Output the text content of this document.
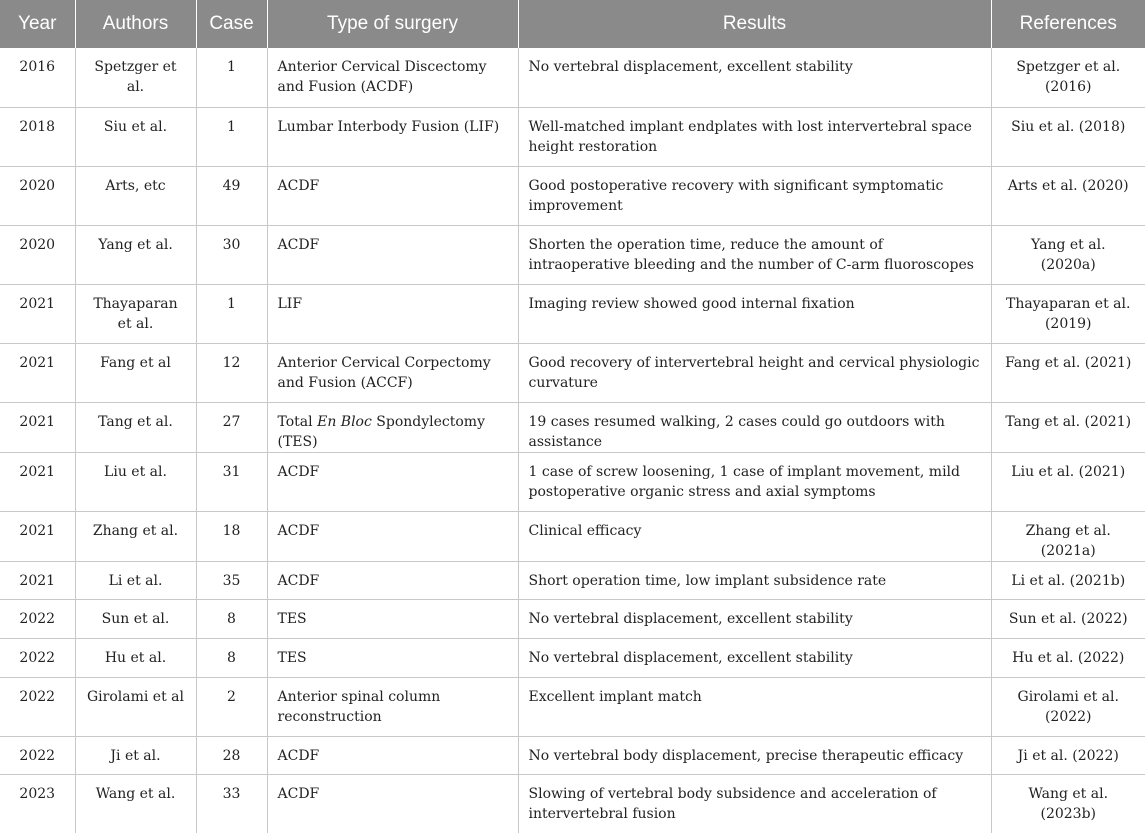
Year	Authors	Case	Type of surgery	Results	References
2016	Spetzger et al.	1	Anterior Cervical Discectomy and Fusion (ACDF)	No vertebral displacement, excellent stability	Spetzger et al. (2016)
2018	Siu et al.	1	Lumbar Interbody Fusion (LIF)	Well-matched implant endplates with lost intervertebral space height restoration	Siu et al. (2018)
2020	Arts, etc	49	ACDF	Good postoperative recovery with significant symptomatic improvement	Arts et al. (2020)
2020	Yang et al.	30	ACDF	Shorten the operation time, reduce the amount of intraoperative bleeding and the number of C-arm fluoroscopes	Yang et al. (2020a)
2021	Thayaparan et al.	1	LIF	Imaging review showed good internal fixation	Thayaparan et al. (2019)
2021	Fang et al	12	Anterior Cervical Corpectomy and Fusion (ACCF)	Good recovery of intervertebral height and cervical physiologic curvature	Fang et al. (2021)
2021	Tang et al.	27	Total En Bloc Spondylectomy (TES)	19 cases resumed walking, 2 cases could go outdoors with assistance	Tang et al. (2021)
2021	Liu et al.	31	ACDF	1 case of screw loosening, 1 case of implant movement, mild postoperative organic stress and axial symptoms	Liu et al. (2021)
2021	Zhang et al.	18	ACDF	Clinical efficacy	Zhang et al. (2021a)
2021	Li et al.	35	ACDF	Short operation time, low implant subsidence rate	Li et al. (2021b)
2022	Sun et al.	8	TES	No vertebral displacement, excellent stability	Sun et al. (2022)
2022	Hu et al.	8	TES	No vertebral displacement, excellent stability	Hu et al. (2022)
2022	Girolami et al	2	Anterior spinal column reconstruction	Excellent implant match	Girolami et al. (2022)
2022	Ji et al.	28	ACDF	No vertebral body displacement, precise therapeutic efficacy	Ji et al. (2022)
2023	Wang et al.	33	ACDF	Slowing of vertebral body subsidence and acceleration of intervertebral fusion	Wang et al. (2023b)
